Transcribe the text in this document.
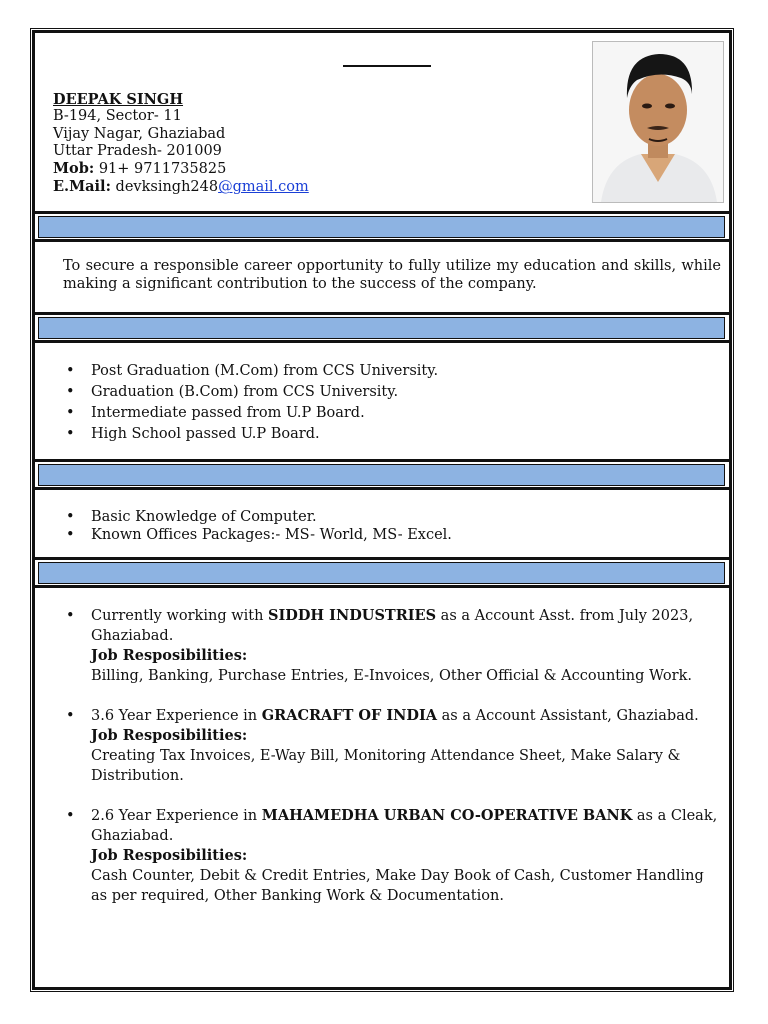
DEEPAK SINGH
B-194, Sector- 11
Vijay Nagar, Ghaziabad
Uttar Pradesh- 201009
Mob: 91+ 9711735825
E.Mail: devksingh248@gmail.com
To secure a responsible career opportunity to fully utilize my education and skills, while making a significant contribution to the success of the company.
• Post Graduation (M.Com) from CCS University.
• Graduation (B.Com) from CCS University.
• Intermediate passed from U.P Board.
• High School passed U.P Board.
• Basic Knowledge of Computer.
• Known Offices Packages:- MS- World, MS- Excel.
• Currently working with SIDDH INDUSTRIES as a Account Asst. from July 2023, Ghaziabad.
Job Resposibilities:
Billing, Banking, Purchase Entries, E-Invoices, Other Official & Accounting Work.
• 3.6 Year Experience in GRACRAFT OF INDIA as a Account Assistant, Ghaziabad.
Job Resposibilities:
Creating Tax Invoices, E-Way Bill, Monitoring Attendance Sheet, Make Salary & Distribution.
• 2.6 Year Experience in MAHAMEDHA URBAN CO-OPERATIVE BANK as a Cleak, Ghaziabad.
Job Resposibilities:
Cash Counter, Debit & Credit Entries, Make Day Book of Cash, Customer Handling as per required, Other Banking Work & Documentation.
